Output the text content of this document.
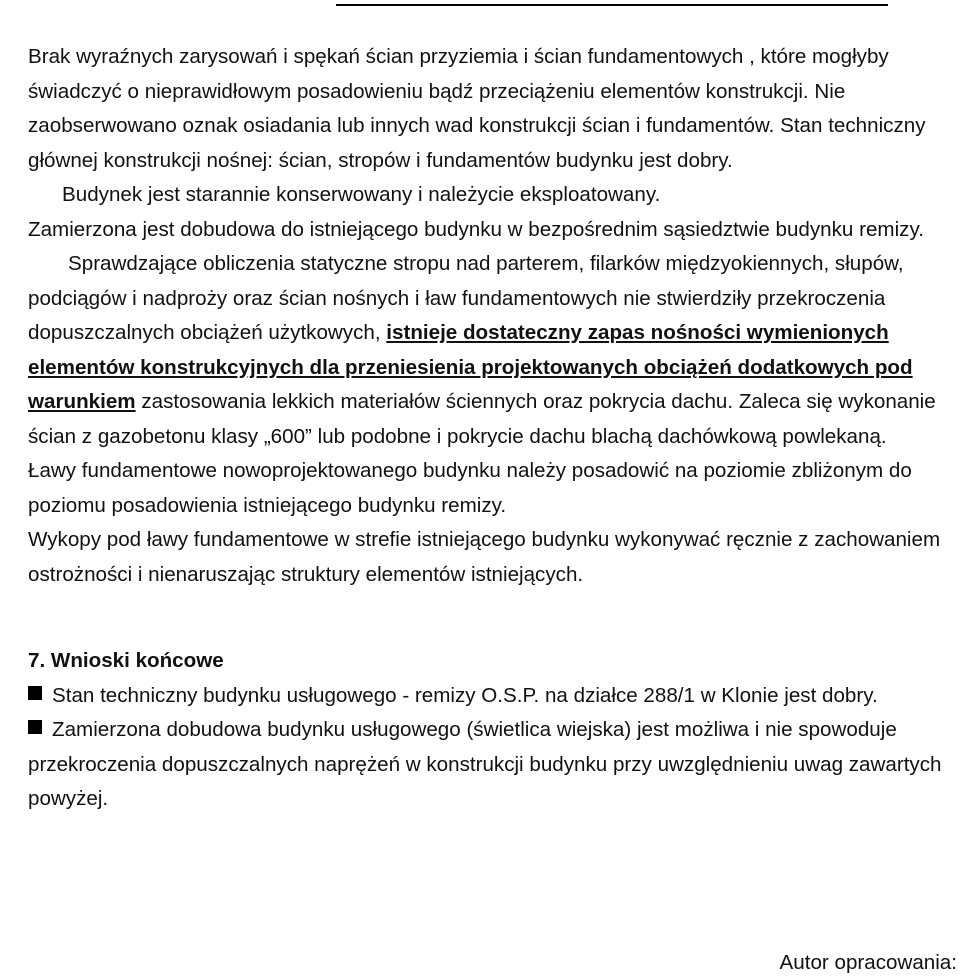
Brak wyraźnych zarysowań i spękań ścian przyziemia i ścian fundamentowych , które mogłyby świadczyć o nieprawidłowym posadowieniu bądź przeciążeniu elementów konstrukcji. Nie zaobserwowano oznak osiadania lub innych wad konstrukcji ścian i fundamentów. Stan techniczny głównej konstrukcji nośnej: ścian, stropów i fundamentów budynku jest dobry.

Budynek jest starannie konserwowany i należycie eksploatowany.

Zamierzona jest dobudowa do istniejącego budynku w bezpośrednim sąsiedztwie budynku remizy.

Sprawdzające obliczenia statyczne stropu nad parterem, filarków międzyokiennych, słupów, podciągów i nadproży oraz ścian nośnych i ław fundamentowych nie stwierdziły przekroczenia dopuszczalnych obciążeń użytkowych, istnieje dostateczny zapas nośności wymienionych elementów konstrukcyjnych dla przeniesienia projektowanych obciążeń dodatkowych pod warunkiem zastosowania lekkich materiałów ściennych oraz pokrycia dachu. Zaleca się wykonanie ścian z gazobetonu klasy „600” lub podobne i pokrycie dachu blachą dachówkową powlekaną.

Ławy fundamentowe nowoprojektowanego budynku należy posadowić na poziomie zbliżonym do poziomu posadowienia istniejącego budynku remizy.

Wykopy pod ławy fundamentowe w strefie istniejącego budynku wykonywać ręcznie z zachowaniem ostrożności i nienaruszając struktury elementów istniejących.

7. Wnioski końcowe

Stan techniczny budynku usługowego - remizy O.S.P. na działce 288/1 w Klonie jest dobry.

Zamierzona dobudowa budynku usługowego (świetlica wiejska) jest możliwa i nie spowoduje przekroczenia dopuszczalnych naprężeń w konstrukcji budynku przy uwzględnieniu uwag zawartych powyżej.

Autor opracowania:
